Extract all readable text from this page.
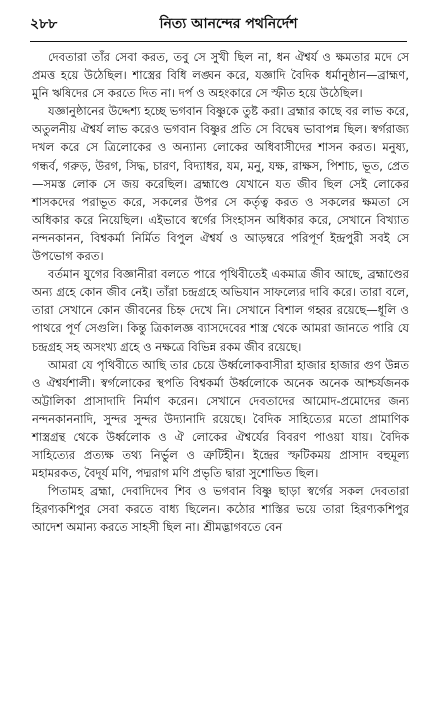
২৮৮	নিত্য আনন্দের পথনির্দেশ

দেবতারা তাঁর সেবা করত, তবু সে সুখী ছিল না, ধন ঐশ্বর্য ও ক্ষমতার মদে সে প্রমত্ত হয়ে উঠেছিল। শাস্ত্রের বিধি লঙ্ঘন করে, যজ্ঞাদি বৈদিক ধর্মানুষ্ঠান—ব্রাহ্মণ, মুনি ঋষিদের সে করতে দিত না। দর্প ও অহংকারে সে স্ফীত হয়ে উঠেছিল।

যজ্ঞানুষ্ঠানের উদ্দেশ্য হচ্ছে ভগবান বিষ্ণুকে তুষ্ট করা। ব্রহ্মার কাছে বর লাভ করে, অতুলনীয় ঐশ্বর্য লাভ করেও ভগবান বিষ্ণুর প্রতি সে বিদ্বেষ ভাবাপন্ন ছিল। স্বর্গরাজ্য দখল করে সে ত্রিলোকের ও অন্যান্য লোকের অধিবাসীদের শাসন করত। মনুষ্য, গন্ধর্ব, গরুড়, উরগ, সিদ্ধ, চারণ, বিদ্যাধর, যম, মনু, যক্ষ, রাক্ষস, পিশাচ, ভূত, প্রেত—সমস্ত লোক সে জয় করেছিল। ব্রহ্মাণ্ডে যেখানে যত জীব ছিল সেই লোকের শাসকদের পরাভূত করে, সকলের উপর সে কর্তৃত্ব করত ও সকলের ক্ষমতা সে অধিকার করে নিয়েছিল। এইভাবে স্বর্গের সিংহাসন অধিকার করে, সেখানে বিখ্যাত নন্দনকানন, বিশ্বকর্মা নির্মিত বিপুল ঐশ্বর্য ও আড়ম্বরে পরিপূর্ণ ইন্দ্রপুরী সবই সে উপভোগ করত।

বর্তমান যুগের বিজ্ঞানীরা বলতে পারে পৃথিবীতেই একমাত্র জীব আছে, ব্রহ্মাণ্ডের অন্য গ্রহে কোন জীব নেই। তাঁরা চন্দ্রগ্রহে অভিযান সাফল্যের দাবি করে। তারা বলে, তারা সেখানে কোন জীবনের চিহ্ন দেখে নি। সেখানে বিশাল গহ্বর রয়েছে—ধূলি ও পাথরে পূর্ণ সেগুলি। কিন্তু ত্রিকালজ্ঞ ব্যাসদেবের শাস্ত্র থেকে আমরা জানতে পারি যে চন্দ্রগ্রহ সহ অসংখ্য গ্রহে ও নক্ষত্রে বিভিন্ন রকম জীব রয়েছে।

আমরা যে পৃথিবীতে আছি তার চেয়ে উর্ধ্বলোকবাসীরা হাজার হাজার গুণ উন্নত ও ঐশ্বর্যশালী। স্বর্গলোকের স্থপতি বিশ্বকর্মা উর্ধ্বলোকে অনেক অনেক আশ্চর্যজনক অট্টালিকা প্রাসাদাদি নির্মাণ করেন। সেখানে দেবতাদের আমোদ-প্রমোদের জন্য নন্দনকাননাদি, সুন্দর সুন্দর উদ্যানাদি রয়েছে। বৈদিক সাহিত্যের মতো প্রামাণিক শাস্ত্রগ্রন্থ থেকে উর্ধ্বলোক ও ঐ লোকের ঐশ্বর্যের বিবরণ পাওয়া যায়। বৈদিক সাহিত্যের প্রত্যক্ষ তথ্য নির্ভুল ও ত্রুটিহীন। ইন্দ্রের স্ফটিকময় প্রাসাদ বহুমূল্য মহামরকত, বৈদূর্য মণি, পদ্মরাগ মণি প্রভৃতি দ্বারা সুশোভিত ছিল।

পিতামহ ব্রহ্মা, দেবাদিদেব শিব ও ভগবান বিষ্ণু ছাড়া স্বর্গের সকল দেবতারা হিরণ্যকশিপুর সেবা করতে বাধ্য ছিলেন। কঠোর শাস্তির ভয়ে তারা হিরণ্যকশিপুর আদেশ অমান্য করতে সাহসী ছিল না। শ্রীমদ্ভাগবতে বেন
